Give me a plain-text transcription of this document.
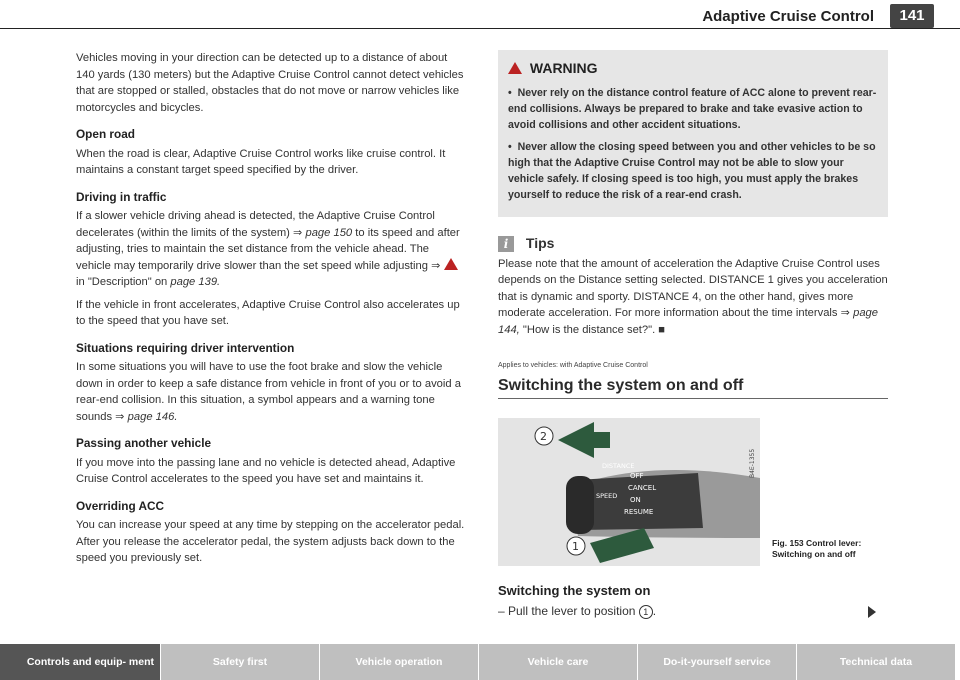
Adaptive Cruise Control	141

Vehicles moving in your direction can be detected up to a distance of about 140 yards (130 meters) but the Adaptive Cruise Control cannot detect vehicles that are stopped or stalled, obstacles that do not move or narrow vehicles like motorcycles and bicycles.

Open road

When the road is clear, Adaptive Cruise Control works like cruise control. It maintains a constant target speed specified by the driver.

Driving in traffic

If a slower vehicle driving ahead is detected, the Adaptive Cruise Control decelerates (within the limits of the system) ⇒ page 150 to its speed and after adjusting, tries to maintain the set distance from the vehicle ahead. The vehicle may temporarily drive slower than the set speed while adjusting ⇒  in "Description" on page 139.

If the vehicle in front accelerates, Adaptive Cruise Control also accelerates up to the speed that you have set.

Situations requiring driver intervention

In some situations you will have to use the foot brake and slow the vehicle down in order to keep a safe distance from vehicle in front of you or to avoid a rear-end collision. In this situation, a symbol appears and a warning tone sounds ⇒ page 146.

Passing another vehicle

If you move into the passing lane and no vehicle is detected ahead, Adaptive Cruise Control accelerates to the speed you have set and maintains it.

Overriding ACC

You can increase your speed at any time by stepping on the accelerator pedal. After you release the accelerator pedal, the system adjusts back down to the speed you previously set.

WARNING

•  Never rely on the distance control feature of ACC alone to prevent rear-end collisions. Always be prepared to brake and take evasive action to avoid collisions and other accident situations.

•  Never allow the closing speed between you and other vehicles to be so high that the Adaptive Cruise Control may not be able to slow your vehicle safely. If closing speed is too high, you must apply the brakes yourself to reduce the risk of a rear-end crash.

i Tips

Please note that the amount of acceleration the Adaptive Cruise Control uses depends on the Distance setting selected. DISTANCE 1 gives you acceleration that is dynamic and sporty. DISTANCE 4, on the other hand, gives more moderate acceleration. For more information about the time intervals ⇒ page 144, "How is the distance set?". ■

Applies to vehicles: with Adaptive Cruise Control
Switching the system on and off
DISTANCE
SPEED
OFF
CANCEL
ON
RESUME
2
1
B4E-1355
Fig. 153 Control lever: Switching on and off
Switching the system on
– Pull the lever to position 1 .
Controls and equip- ment	Safety first	Vehicle operation	Vehicle care	Do-it-yourself service	Technical data
